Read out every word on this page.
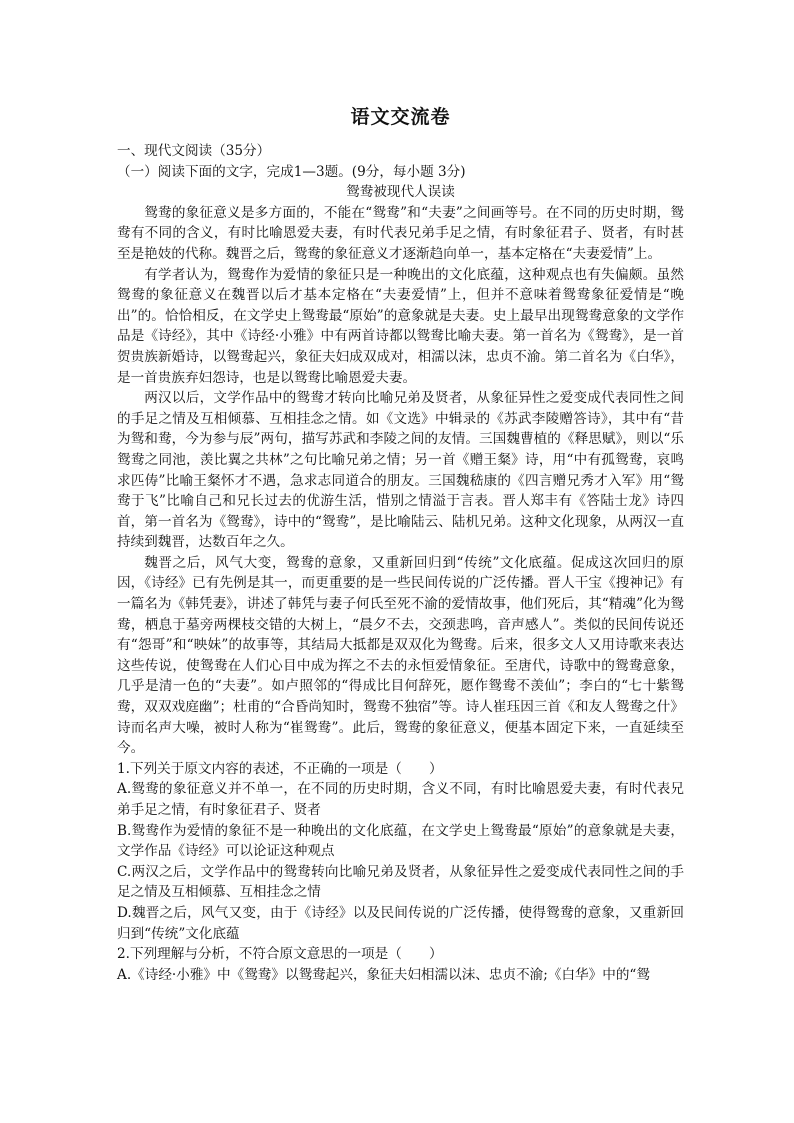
语文交流卷

一、现代文阅读（35分）

（一）阅读下面的文字，完成1—3题。(9分，每小题 3分)

鸳鸯被现代人误读

鸳鸯的象征意义是多方面的，不能在“鸳鸯”和“夫妻”之间画等号。在不同的历史时期，鸳鸯有不同的含义，有时比喻恩爱夫妻，有时代表兄弟手足之情，有时象征君子、贤者，有时甚至是艳妓的代称。魏晋之后，鸳鸯的象征意义才逐渐趋向单一，基本定格在“夫妻爱情”上。

有学者认为，鸳鸯作为爱情的象征只是一种晚出的文化底蕴，这种观点也有失偏颇。虽然鸳鸯的象征意义在魏晋以后才基本定格在“夫妻爱情”上，但并不意味着鸳鸯象征爱情是“晚出”的。恰恰相反，在文学史上鸳鸯最“原始”的意象就是夫妻。史上最早出现鸳鸯意象的文学作品是《诗经》，其中《诗经·小雅》中有两首诗都以鸳鸯比喻夫妻。第一首名为《鸳鸯》，是一首贺贵族新婚诗，以鸳鸯起兴，象征夫妇成双成对，相濡以沫，忠贞不渝。第二首名为《白华》，是一首贵族弃妇怨诗，也是以鸳鸯比喻恩爱夫妻。

两汉以后，文学作品中的鸳鸯才转向比喻兄弟及贤者，从象征异性之爱变成代表同性之间的手足之情及互相倾慕、互相挂念之情。如《文选》中辑录的《苏武李陵赠答诗》，其中有“昔为鸳和鸯，今为参与辰”两句，描写苏武和李陵之间的友情。三国魏曹植的《释思赋》，则以“乐鸳鸯之同池，羡比翼之共林”之句比喻兄弟之情；另一首《赠王粲》诗，用“中有孤鸳鸯，哀鸣求匹俦”比喻王粲怀才不遇，急求志同道合的朋友。三国魏嵇康的《四言赠兄秀才入军》用“鸳鸯于飞”比喻自己和兄长过去的优游生活，惜别之情溢于言表。晋人郑丰有《答陆士龙》诗四首，第一首名为《鸳鸯》，诗中的“鸳鸯”，是比喻陆云、陆机兄弟。这种文化现象，从两汉一直持续到魏晋，达数百年之久。

魏晋之后，风气大变，鸳鸯的意象，又重新回归到“传统”文化底蕴。促成这次回归的原因，《诗经》已有先例是其一，而更重要的是一些民间传说的广泛传播。晋人干宝《搜神记》有一篇名为《韩凭妻》，讲述了韩凭与妻子何氏至死不渝的爱情故事，他们死后，其“精魂”化为鸳鸯，栖息于墓旁两棵枝交错的大树上，“晨夕不去，交颈悲鸣，音声感人”。类似的民间传说还有“怨哥”和“映妹”的故事等，其结局大抵都是双双化为鸳鸯。后来，很多文人又用诗歌来表达这些传说，使鸳鸯在人们心目中成为挥之不去的永恒爱情象征。至唐代，诗歌中的鸳鸯意象，几乎是清一色的“夫妻”。如卢照邻的“得成比目何辞死，愿作鸳鸯不羡仙”；李白的“七十紫鸳鸯，双双戏庭幽”；杜甫的“合昏尚知时，鸳鸯不独宿”等。诗人崔珏因三首《和友人鸳鸯之什》诗而名声大噪，被时人称为“崔鸳鸯”。此后，鸳鸯的象征意义，便基本固定下来，一直延续至今。

1.下列关于原文内容的表述，不正确的一项是（　　）

A.鸳鸯的象征意义并不单一，在不同的历史时期，含义不同，有时比喻恩爱夫妻，有时代表兄弟手足之情，有时象征君子、贤者

B.鸳鸯作为爱情的象征不是一种晚出的文化底蕴，在文学史上鸳鸯最“原始”的意象就是夫妻，文学作品《诗经》可以论证这种观点

C.两汉之后，文学作品中的鸳鸯转向比喻兄弟及贤者，从象征异性之爱变成代表同性之间的手足之情及互相倾慕、互相挂念之情

D.魏晋之后，风气又变，由于《诗经》以及民间传说的广泛传播，使得鸳鸯的意象，又重新回归到“传统”文化底蕴

2.下列理解与分析，不符合原文意思的一项是（　　）

A.《诗经·小雅》中《鸳鸯》以鸳鸯起兴，象征夫妇相濡以沫、忠贞不渝;《白华》中的“鸳
